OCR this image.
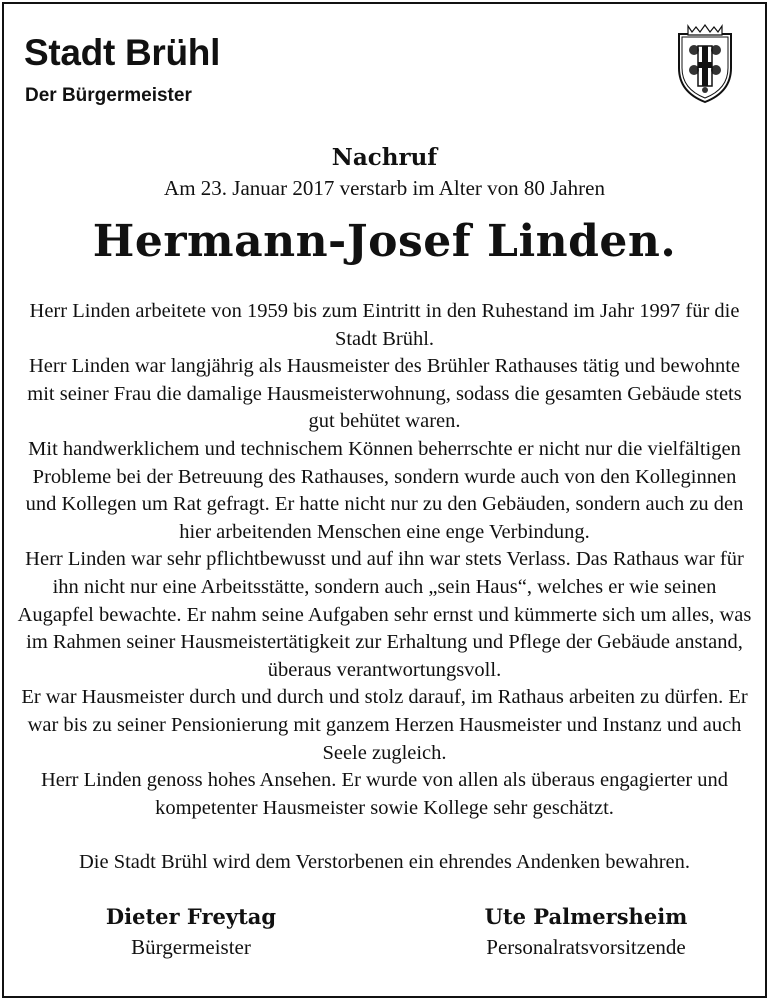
Stadt Brühl
Der Bürgermeister
Nachruf
Am 23. Januar 2017 verstarb im Alter von 80 Jahren
Hermann-Josef Linden.

Herr Linden arbeitete von 1959 bis zum Eintritt in den Ruhestand im Jahr 1997 für die Stadt Brühl.

Herr Linden war langjährig als Hausmeister des Brühler Rathauses tätig und bewohnte mit seiner Frau die damalige Hausmeisterwohnung, sodass die gesamten Gebäude stets gut behütet waren.

Mit handwerklichem und technischem Können beherrschte er nicht nur die vielfältigen Probleme bei der Betreuung des Rathauses, sondern wurde auch von den Kolleginnen und Kollegen um Rat gefragt. Er hatte nicht nur zu den Gebäuden, sondern auch zu den hier arbeitenden Menschen eine enge Verbindung.

Herr Linden war sehr pflichtbewusst und auf ihn war stets Verlass. Das Rathaus war für ihn nicht nur eine Arbeitsstätte, sondern auch „sein Haus“, welches er wie seinen Augapfel bewachte. Er nahm seine Aufgaben sehr ernst und kümmerte sich um alles, was im Rahmen seiner Hausmeistertätigkeit zur Erhaltung und Pflege der Gebäude anstand, überaus verantwortungsvoll.

Er war Hausmeister durch und durch und stolz darauf, im Rathaus arbeiten zu dürfen. Er war bis zu seiner Pensionierung mit ganzem Herzen Hausmeister und Instanz und auch Seele zugleich.

Herr Linden genoss hohes Ansehen. Er wurde von allen als überaus engagierter und kompetenter Hausmeister sowie Kollege sehr geschätzt.

Die Stadt Brühl wird dem Verstorbenen ein ehrendes Andenken bewahren.
Dieter Freytag
Bürgermeister
Ute Palmersheim
Personalratsvorsitzende
